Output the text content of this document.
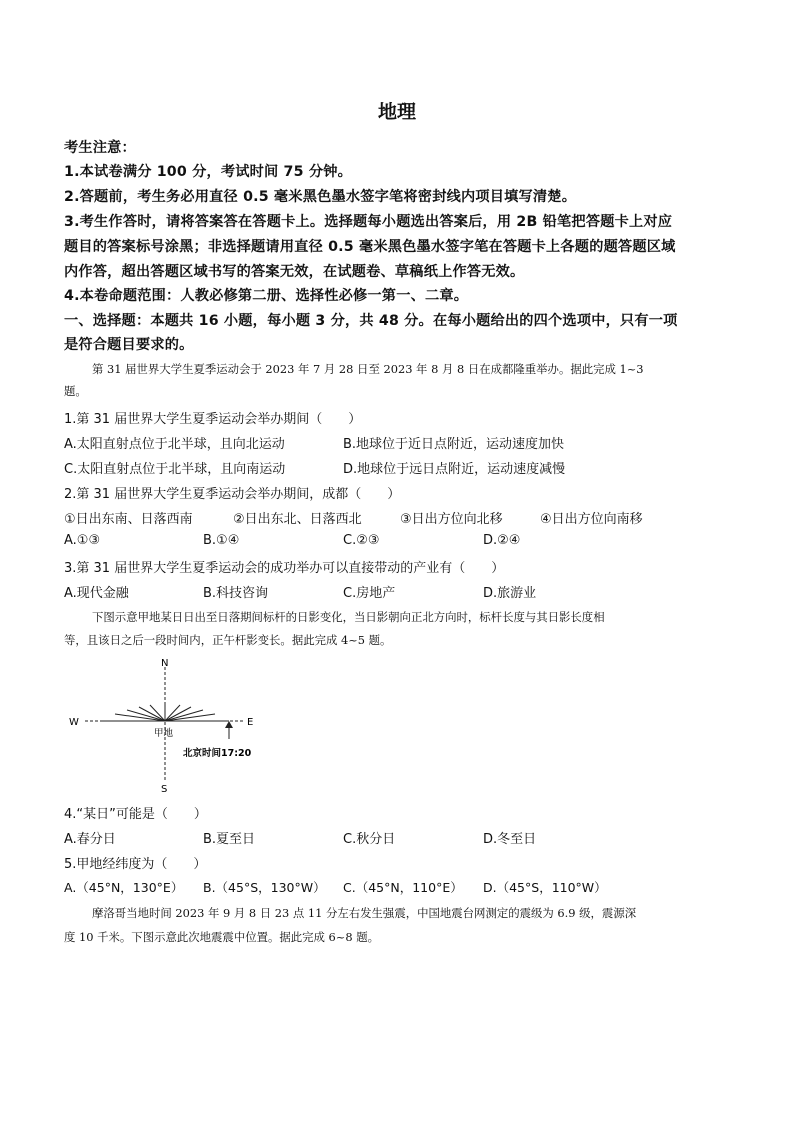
地理
考生注意：
1.本试卷满分 100 分，考试时间 75 分钟。
2.答题前，考生务必用直径 0.5 毫米黑色墨水签字笔将密封线内项目填写清楚。
3.考生作答时，请将答案答在答题卡上。选择题每小题选出答案后，用 2B 铅笔把答题卡上对应
题目的答案标号涂黑；非选择题请用直径 0.5 毫米黑色墨水签字笔在答题卡上各题的题答题区域
内作答，超出答题区域书写的答案无效，在试题卷、草稿纸上作答无效。
4.本卷命题范围：人教必修第二册、选择性必修一第一、二章。
一、选择题：本题共 16 小题，每小题 3 分，共 48 分。在每小题给出的四个选项中，只有一项
是符合题目要求的。
第 31 届世界大学生夏季运动会于 2023 年 7 月 28 日至 2023 年 8 月 8 日在成都隆重举办。据此完成 1~3
题。
1.第 31 届世界大学生夏季运动会举办期间（　　）
A.太阳直射点位于北半球，且向北运动	B.地球位于近日点附近，运动速度加快
C.太阳直射点位于北半球，且向南运动	D.地球位于远日点附近，运动速度减慢
2.第 31 届世界大学生夏季运动会举办期间，成都（　　）
①日出东南、日落西南	②日出东北、日落西北	③日出方位向北移	④日出方位向南移
A.①③	B.①④	C.②③	D.②④
3.第 31 届世界大学生夏季运动会的成功举办可以直接带动的产业有（　　）
A.现代金融	B.科技咨询	C.房地产	D.旅游业
下图示意甲地某日日出至日落期间标杆的日影变化，当日影朝向正北方向时，标杆长度与其日影长度相
等，且该日之后一段时间内，正午杆影变长。据此完成 4~5 题。
N
S
W	E
甲地
北京时间17:20
4.“某日”可能是（　　）
A.春分日	B.夏至日	C.秋分日	D.冬至日
5.甲地经纬度为（　　）
A.（45°N，130°E） B.（45°S，130°W） C.（45°N，110°E） D.（45°S，110°W）
摩洛哥当地时间 2023 年 9 月 8 日 23 点 11 分左右发生强震，中国地震台网测定的震级为 6.9 级，震源深
度 10 千米。下图示意此次地震震中位置。据此完成 6~8 题。
